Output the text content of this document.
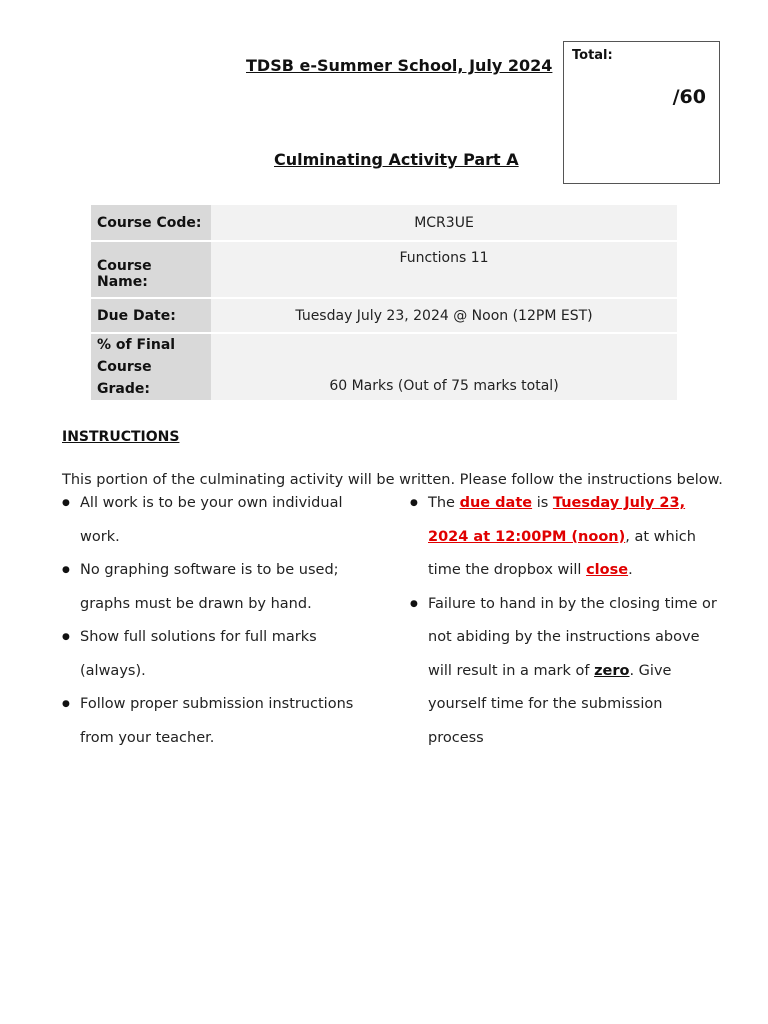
TDSB e-Summer School, July 2024
Culminating Activity Part A
Total:
/60
Course Code:	MCR3UE
Course Name:	Functions 11
Due Date:	Tuesday July 23, 2024 @ Noon (12PM EST)
% of Final
Course Grade:	60 Marks (Out of 75 marks total)
INSTRUCTIONS
This portion of the culminating activity will be written. Please follow the instructions below.
● All work is to be your own individual work.
● No graphing software is to be used; graphs must be drawn by hand.
● Show full solutions for full marks (always).
● Follow proper submission instructions from your teacher.
● The due date is Tuesday July 23, 2024 at 12:00PM (noon), at which time the dropbox will close.
● Failure to hand in by the closing time or not abiding by the instructions above will result in a mark of zero. Give yourself time for the submission process
